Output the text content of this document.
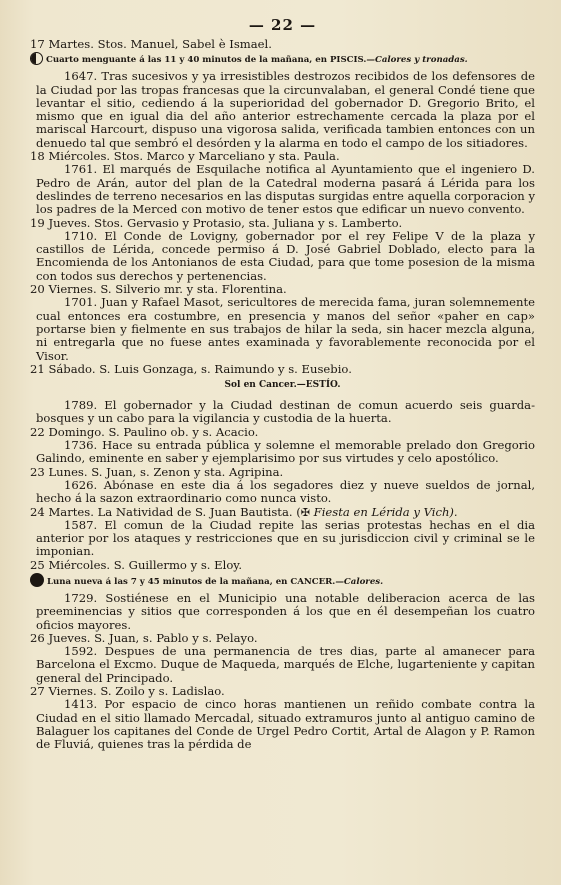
— 22 —
17 Martes. Stos. Manuel, Sabel è Ismael.
Cuarto menguante á las 11 y 40 minutos de la mañana, en PISCIS.—Calores y tronadas.
1647. Tras sucesivos y ya irresistibles destrozos recibidos de los defensores de la Ciudad por las tropas francesas que la circunvalaban, el general Condé tiene que levantar el sitio, cediendo á la superioridad del gobernador D. Gregorio Brito, el mismo que en igual dia del año anterior estrechamente cercada la plaza por el mariscal Harcourt, dispuso una vigorosa salida, verificada tambien entonces con un denuedo tal que sembró el desórden y la alarma en todo el campo de los sitiadores.
18 Miércoles. Stos. Marco y Marceliano y sta. Paula.
1761. El marqués de Esquilache notifica al Ayuntamiento que el ingeniero D. Pedro de Arán, autor del plan de la Catedral moderna pasará á Lérida para los deslindes de terreno necesarios en las disputas surgidas entre aquella corporacion y los padres de la Merced con motivo de tener estos que edificar un nuevo convento.
19 Jueves. Stos. Gervasio y Protasio, sta. Juliana y s. Lamberto.
1710. El Conde de Lovigny, gobernador por el rey Felipe V de la plaza y castillos de Lérida, concede permiso á D. José Gabriel Doblado, electo para la Encomienda de los Antonianos de esta Ciudad, para que tome posesion de la misma con todos sus derechos y pertenencias.
20 Viernes. S. Silverio mr. y sta. Florentina.
1701. Juan y Rafael Masot, sericultores de merecida fama, juran solemnemente cual entonces era costumbre, en presencia y manos del señor «paher en cap» portarse bien y fielmente en sus trabajos de hilar la seda, sin hacer mezcla alguna, ni entregarla que no fuese antes examinada y favorablemente reconocida por el Visor.
21 Sábado. S. Luis Gonzaga, s. Raimundo y s. Eusebio.
Sol en Cancer.—ESTÍO.
1789. El gobernador y la Ciudad destinan de comun acuerdo seis guarda-bosques y un cabo para la vigilancia y custodia de la huerta.
22 Domingo. S. Paulino ob. y s. Acacio.
1736. Hace su entrada pública y solemne el memorable prelado don Gregorio Galindo, eminente en saber y ejemplarisimo por sus virtudes y celo apostólico.
23 Lunes. S. Juan, s. Zenon y sta. Agripina.
1626. Abónase en este dia á los segadores diez y nueve sueldos de jornal, hecho á la sazon extraordinario como nunca visto.
24 Martes. La Natividad de S. Juan Bautista. (✠ Fiesta en Lérida y Vich).
1587. El comun de la Ciudad repite las serias protestas hechas en el dia anterior por los ataques y restricciones que en su jurisdiccion civil y criminal se le imponian.
25 Miércoles. S. Guillermo y s. Eloy.
Luna nueva á las 7 y 45 minutos de la mañana, en CANCER.—Calores.
1729. Sostiénese en el Municipio una notable deliberacion acerca de las preeminencias y sitios que corresponden á los que en él desempeñan los cuatro oficios mayores.
26 Jueves. S. Juan, s. Pablo y s. Pelayo.
1592. Despues de una permanencia de tres dias, parte al amanecer para Barcelona el Excmo. Duque de Maqueda, marqués de Elche, lugarteniente y capitan general del Principado.
27 Viernes. S. Zoilo y s. Ladislao.
1413. Por espacio de cinco horas mantienen un reñido combate contra la Ciudad en el sitio llamado Mercadal, situado extramuros junto al antiguo camino de Balaguer los capitanes del Conde de Urgel Pedro Cortit, Artal de Alagon y P. Ramon de Fluviá, quienes tras la pérdida de
